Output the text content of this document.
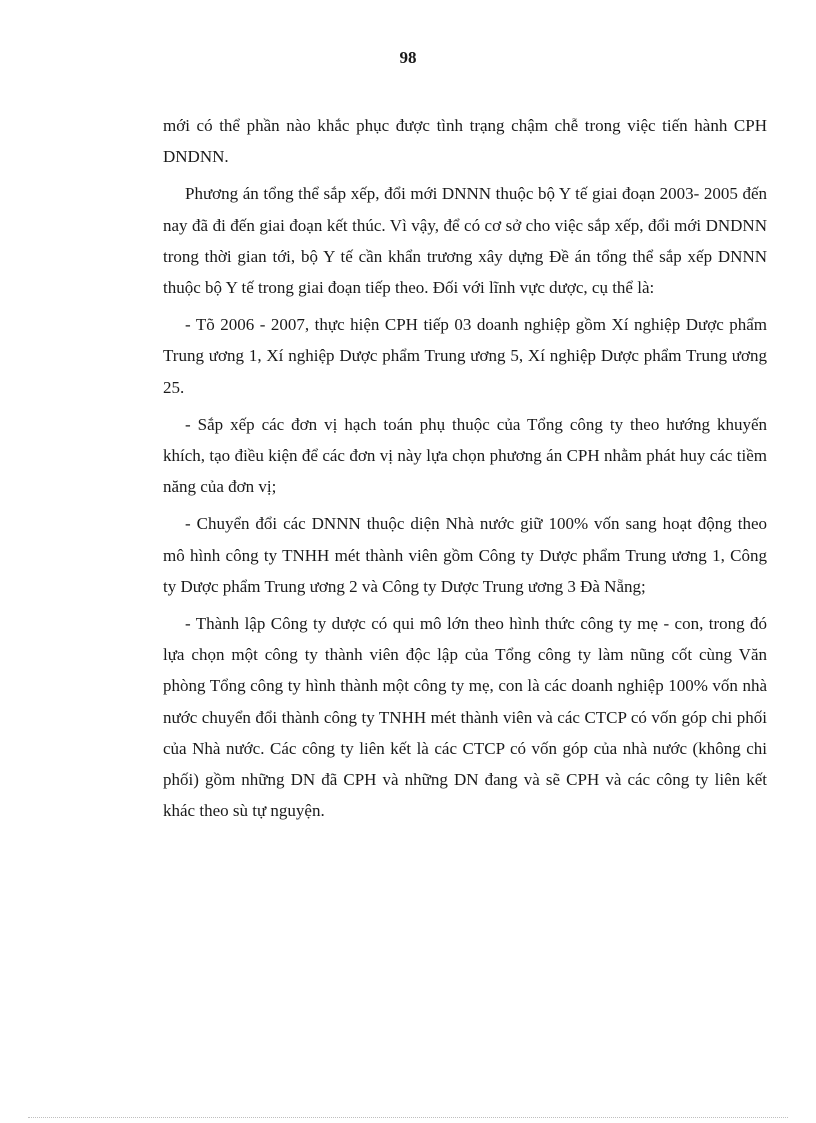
98

mới có thể phần nào khắc phục được tình trạng chậm chễ trong việc tiến hành CPH DNDNN.

Phương án tổng thể sắp xếp, đổi mới DNNN thuộc bộ Y tế giai đoạn 2003- 2005 đến nay đã đi đến giai đoạn kết thúc. Vì vậy, để có cơ sở cho việc sắp xếp, đổi mới DNDNN trong thời gian tới, bộ Y tế cần khẩn trương xây dựng Đề án tổng thể sắp xếp DNNN thuộc bộ Y tế trong giai đoạn tiếp theo. Đối với lĩnh vực dược, cụ thể là:

- Tõ 2006 - 2007, thực hiện CPH tiếp 03 doanh nghiệp gồm Xí nghiệp Dược phẩm Trung ương 1, Xí nghiệp Dược phẩm Trung ương 5, Xí nghiệp Dược phẩm Trung ương 25.

- Sắp xếp các đơn vị hạch toán phụ thuộc của Tổng công ty theo hướng khuyến khích, tạo điều kiện để các đơn vị này lựa chọn phương án CPH nhằm phát huy các tiềm năng của đơn vị;

- Chuyển đổi các DNNN thuộc diện Nhà nước giữ 100% vốn sang hoạt động theo mô hình công ty TNHH mét thành viên gồm Công ty Dược phẩm Trung ương 1, Công ty Dược phẩm Trung ương 2 và Công ty Dược Trung ương 3 Đà Nẵng;

- Thành lập Công ty dược có qui mô lớn theo hình thức công ty mẹ - con, trong đó lựa chọn một công ty thành viên độc lập của Tổng công ty làm nũng cốt cùng Văn phòng Tổng công ty hình thành một công ty mẹ, con là các doanh nghiệp 100% vốn nhà nước chuyển đổi thành công ty TNHH mét thành viên và các CTCP có vốn góp chi phối của Nhà nước. Các công ty liên kết là các CTCP có vốn góp của nhà nước (không chi phối) gồm những DN đã CPH và những DN đang và sẽ CPH và các công ty liên kết khác theo sù tự nguyện.
